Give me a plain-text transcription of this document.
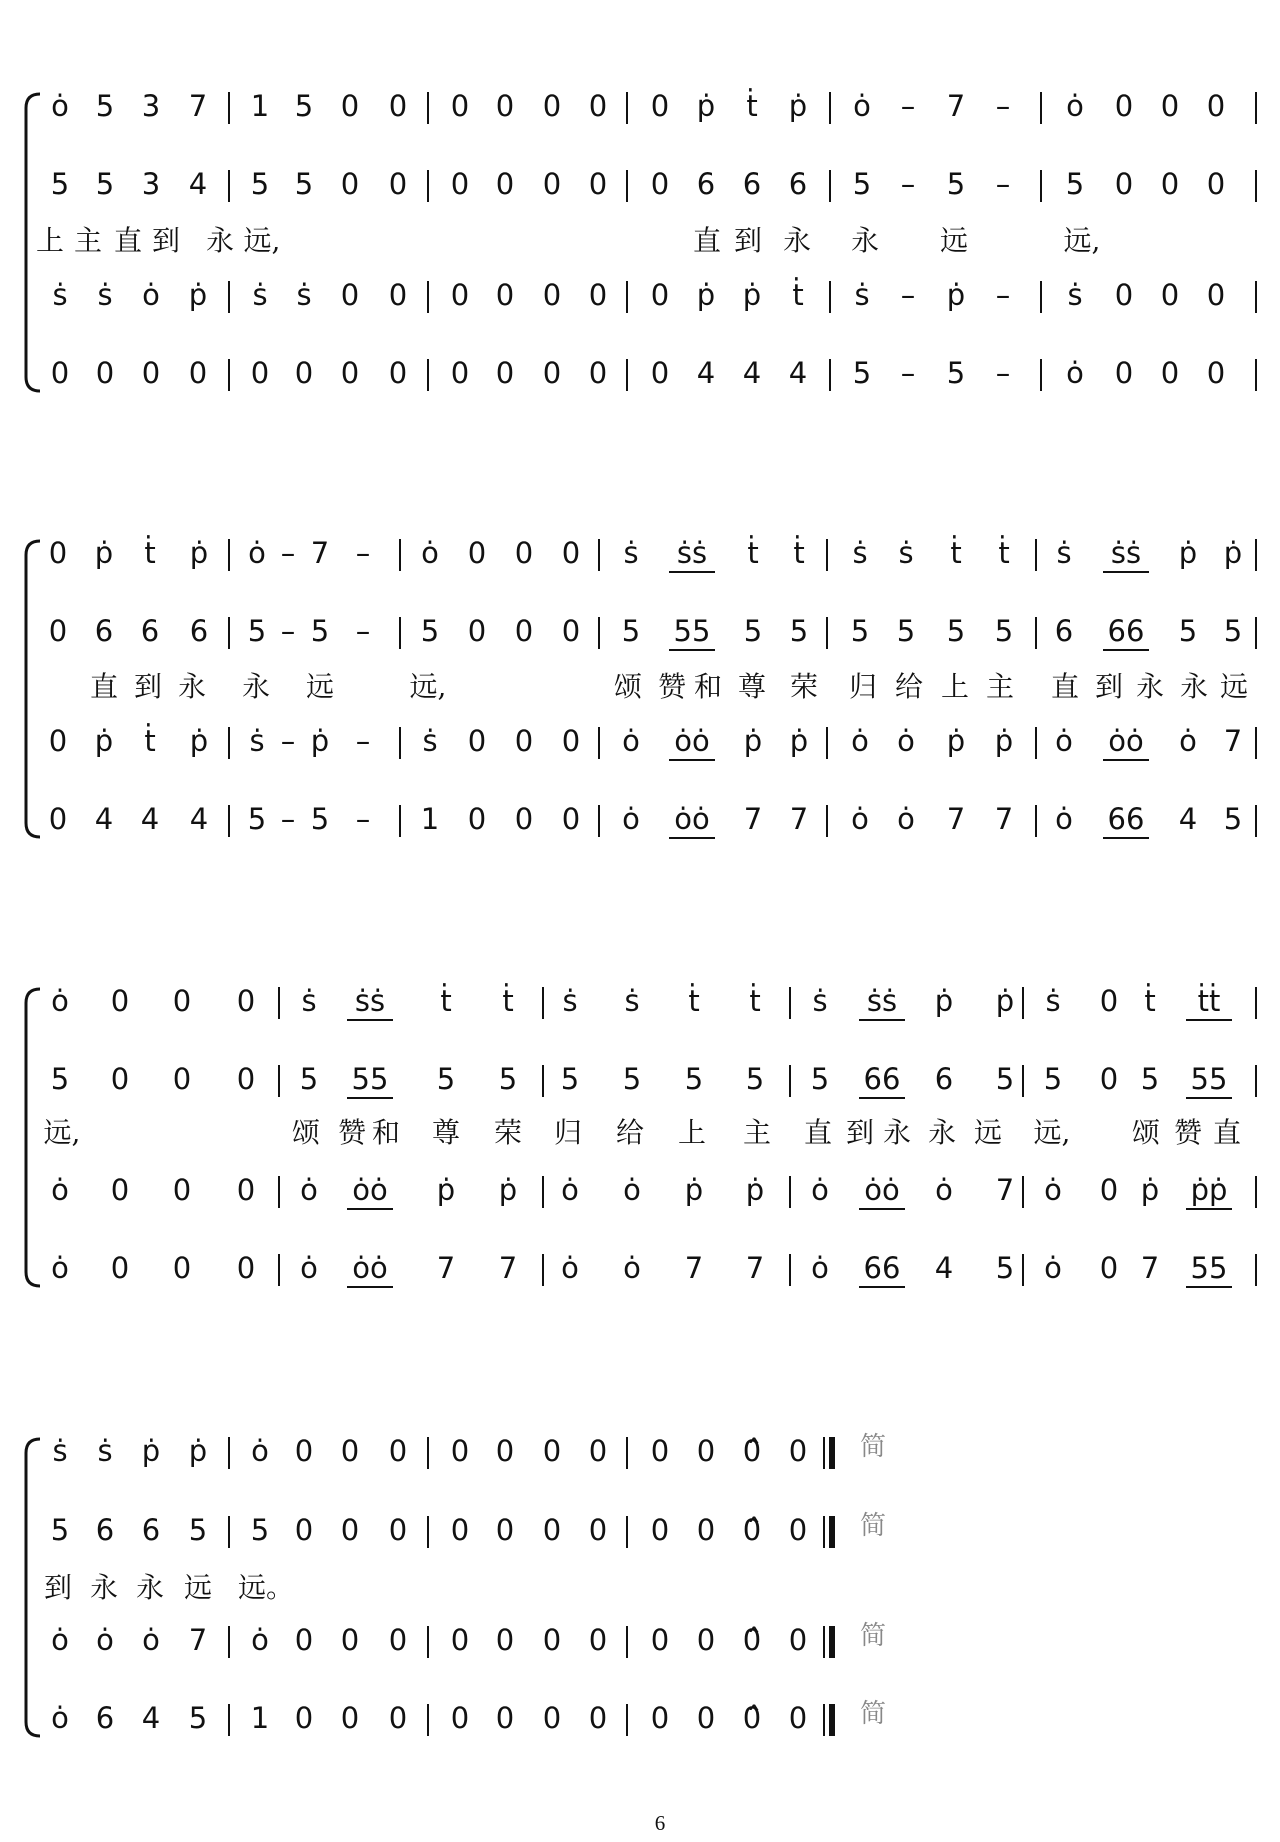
ȯ 5 3 7 1 5 0 0 0 0 0 0 0 ṗ ṫ ṗ ȯ – 7 – ȯ 0 0 0
5 5 3 4 5 5 0 0 0 0 0 0 0 6 6 6 5 – 5 – 5 0 0 0
ṡ ṡ ȯ ṗ ṡ ṡ 0 0 0 0 0 0 0 ṗ ṗ ṫ ṡ – ṗ – ṡ 0 0 0
0 0 0 0 0 0 0 0 0 0 0 0 0 4 4 4 5 – 5 – ȯ 0 0 0
上 主 直 到 永 远,	直 到 永 永 远	远,
0 ṗ ṫ ṗ ȯ – 7 – ȯ 0 0 0 ṡ ṡṡ ṫ ṫ ṡ ṡ ṫ ṫ ṡ ṡṡ ṗ ṗ
0 6 6 6 5 – 5 – 5 0 0 0 5 55 5 5 5 5 5 5 6 66 5 5
0 ṗ ṫ ṗ ṡ – ṗ – ṡ 0 0 0 ȯ ȯȯ ṗ ṗ ȯ ȯ ṗ ṗ ȯ ȯȯ ȯ 7
0 4 4 4 5 – 5 – 1 0 0 0 ȯ ȯȯ 7 7 ȯ ȯ 7 7 ȯ 66 4 5
直 到 永 永 远	远,	颂 赞 和 尊 荣 归 给 上 主 直 到 永 永 远
ȯ 0 0 0 ṡ ṡṡ ṫ ṫ ṡ ṡ ṫ ṫ ṡ ṡṡ ṗ ṗ ṡ 0 ṫ ṫṫ
5 0 0 0 5 55 5 5 5 5 5 5 5 66 6 5 5 0 5 55
ȯ 0 0 0 ȯ ȯȯ ṗ ṗ ȯ ȯ ṗ ṗ ȯ ȯȯ ȯ 7 ȯ 0 ṗ ṗṗ
ȯ 0 0 0 ȯ ȯȯ 7 7 ȯ ȯ 7 7 ȯ 66 4 5 ȯ 0 7 55
远,	颂 赞 和 尊 荣 归 给 上 主 直 到 永 永 远 远, 颂 赞 直
ṡ ṡ ṗ ṗ ȯ 0 0 0 0 0 0 0 0 0 0̂ 0
5 6 6 5 5 0 0 0 0 0 0 0 0 0 0̂ 0
ȯ ȯ ȯ 7 ȯ 0 0 0 0 0 0 0 0 0 0̂ 0
ȯ 6 4 5 1 0 0 0 0 0 0 0 0 0 0̂ 0
到 永 永 远 远。
简
简
简
简
6
